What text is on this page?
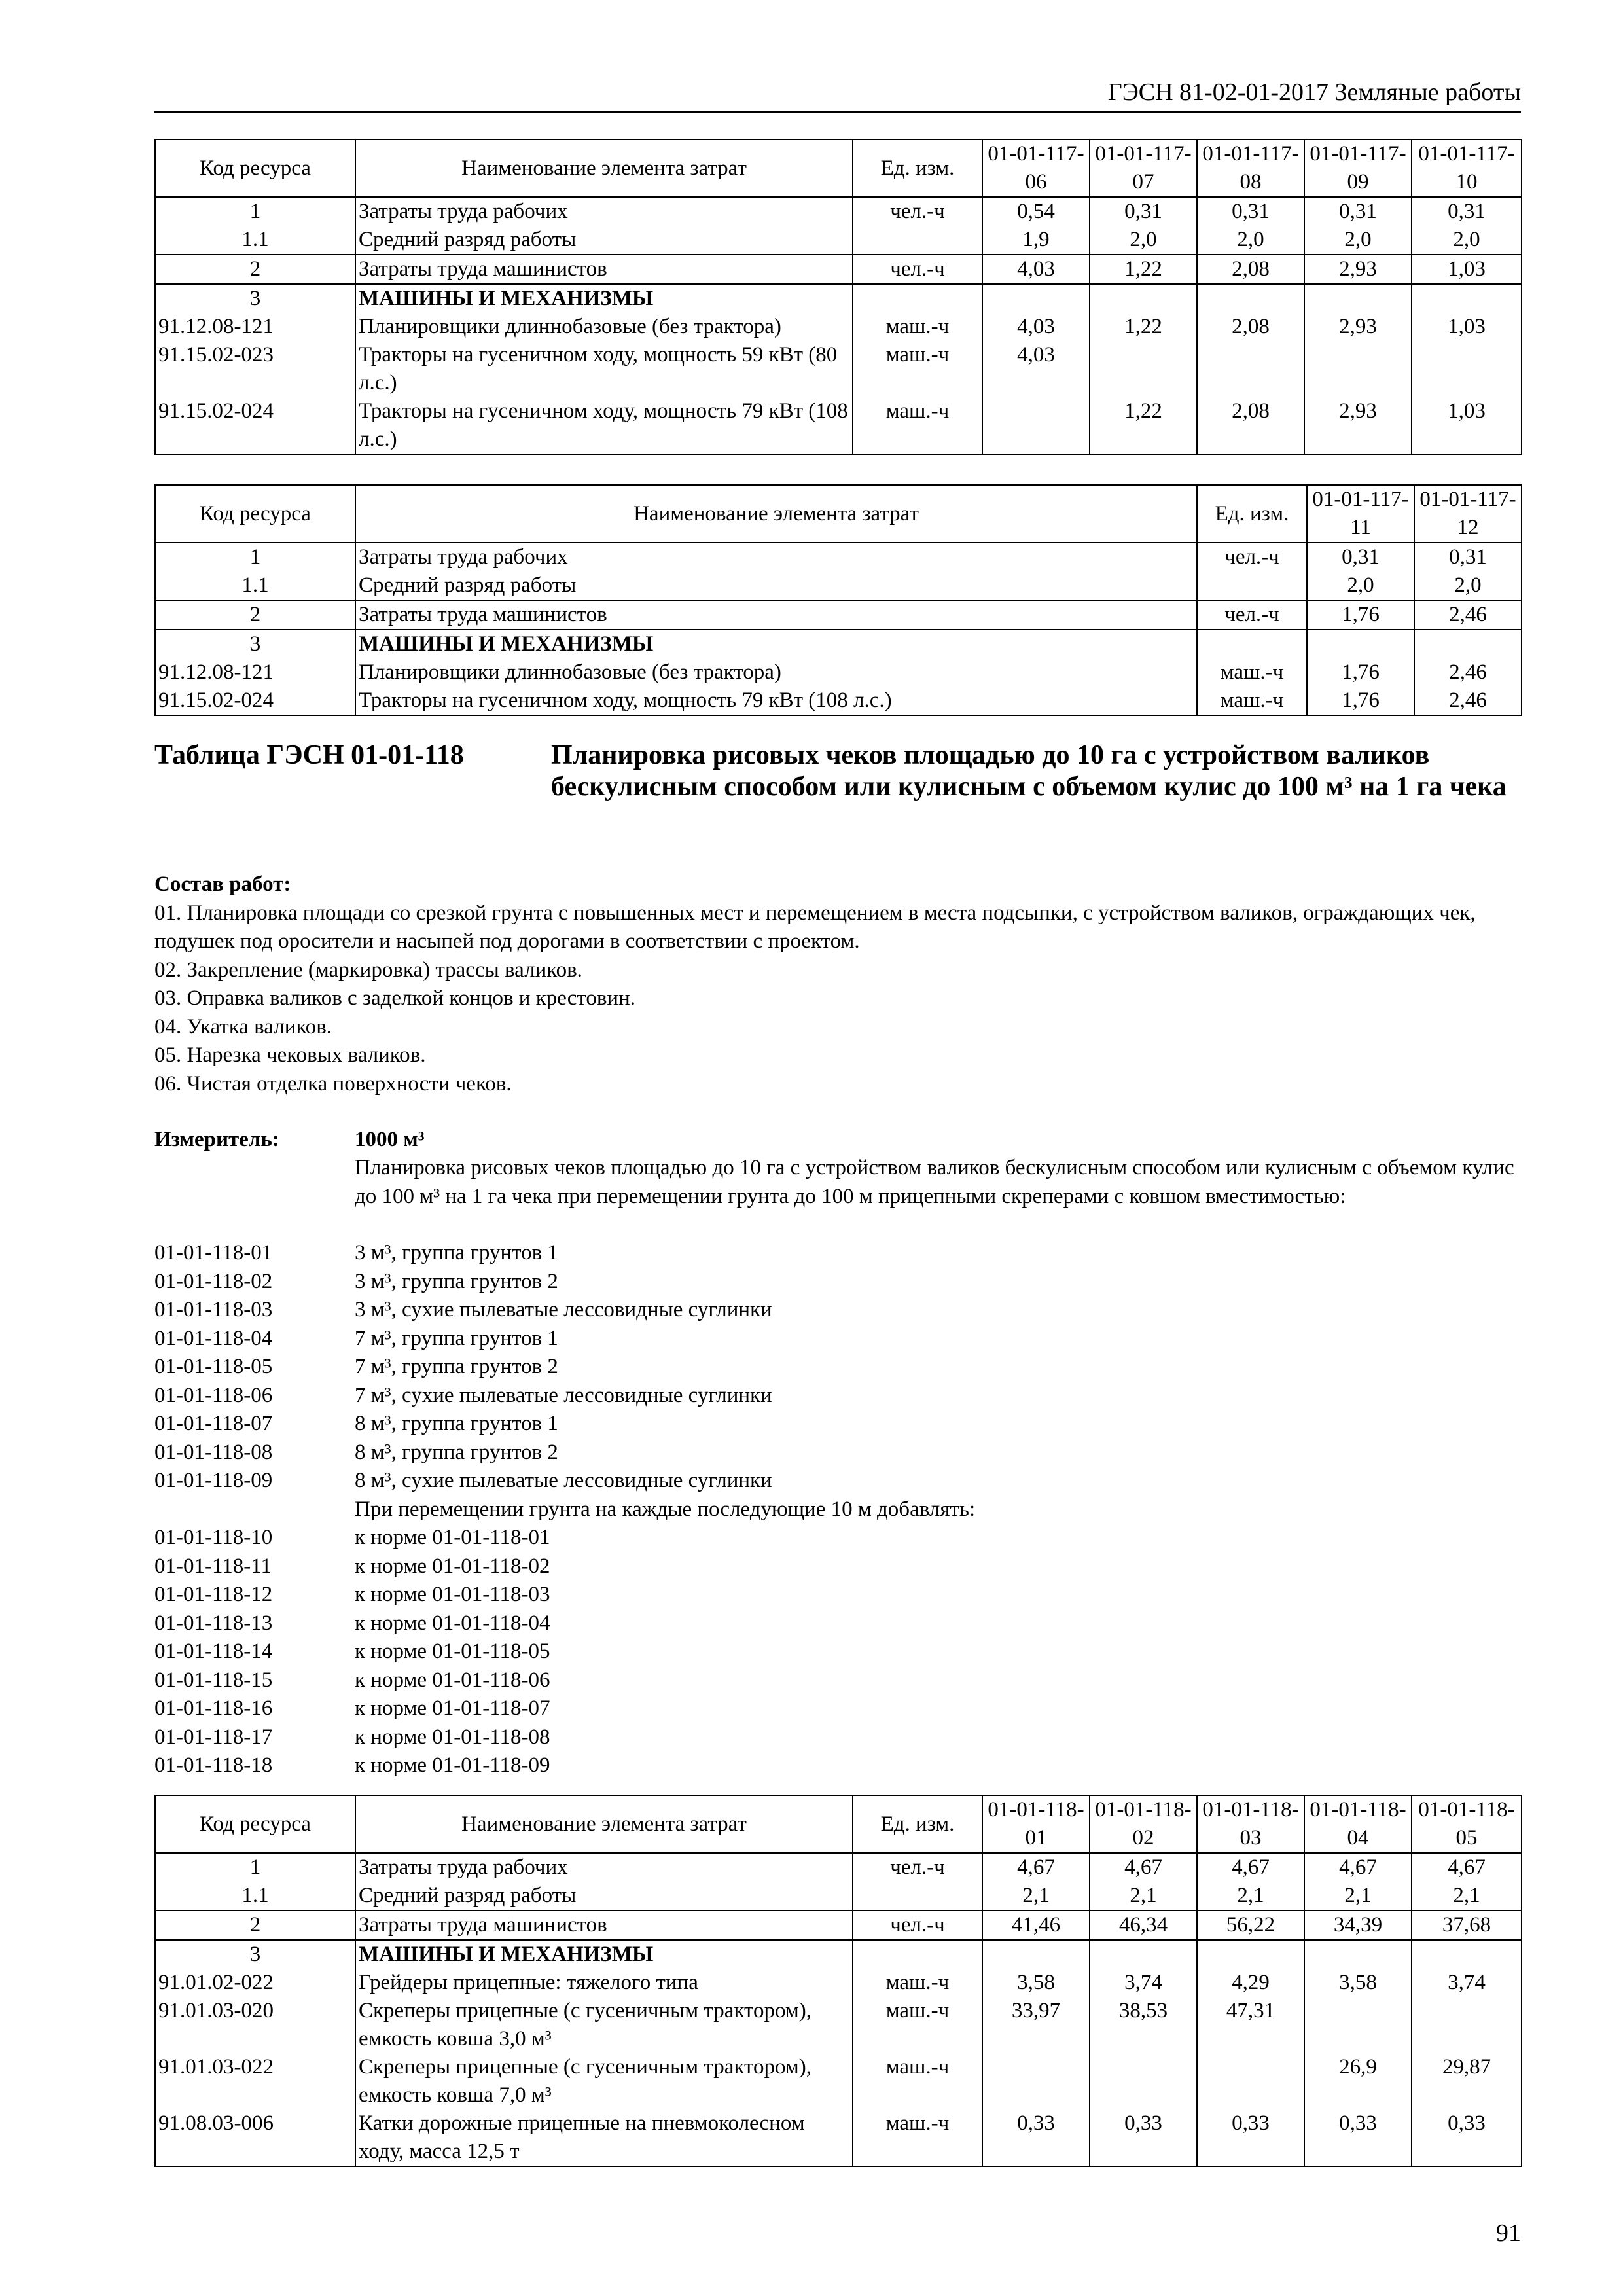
ГЭСН 81-02-01-2017 Земляные работы
Код ресурса	Наименование элемента затрат	Ед. изм.	01-01-117-06	01-01-117-07	01-01-117-08	01-01-117-09	01-01-117-10
1	Затраты труда рабочих	чел.-ч	0,54	0,31	0,31	0,31	0,31
1.1	Средний разряд работы		1,9	2,0	2,0	2,0	2,0
2	Затраты труда машинистов	чел.-ч	4,03	1,22	2,08	2,93	1,03
3	МАШИНЫ И МЕХАНИЗМЫ						
91.12.08-121	Планировщики длиннобазовые (без трактора)	маш.-ч	4,03	1,22	2,08	2,93	1,03
91.15.02-023	Тракторы на гусеничном ходу, мощность 59 кВт (80 л.с.)	маш.-ч	4,03				
91.15.02-024	Тракторы на гусеничном ходу, мощность 79 кВт (108 л.с.)	маш.-ч		1,22	2,08	2,93	1,03
Код ресурса	Наименование элемента затрат	Ед. изм.	01-01-117-11	01-01-117-12
1	Затраты труда рабочих	чел.-ч	0,31	0,31
1.1	Средний разряд работы		2,0	2,0
2	Затраты труда машинистов	чел.-ч	1,76	2,46
3	МАШИНЫ И МЕХАНИЗМЫ			
91.12.08-121	Планировщики длиннобазовые (без трактора)	маш.-ч	1,76	2,46
91.15.02-024	Тракторы на гусеничном ходу, мощность 79 кВт (108 л.с.)	маш.-ч	1,76	2,46
Таблица ГЭСН 01-01-118	Планировка рисовых чеков площадью до 10 га с устройством валиков бескулисным способом или кулисным с объемом кулис до 100 м³ на 1 га чека
Состав работ:
01. Планировка площади со срезкой грунта с повышенных мест и перемещением в места подсыпки, с устройством валиков, ограждающих чек, подушек под оросители и насыпей под дорогами в соответствии с проектом.
02. Закрепление (маркировка) трассы валиков.
03. Оправка валиков с заделкой концов и крестовин.
04. Укатка валиков.
05. Нарезка чековых валиков.
06. Чистая отделка поверхности чеков.
Измеритель:	1000 м³
Планировка рисовых чеков площадью до 10 га с устройством валиков бескулисным способом или кулисным с объемом кулис до 100 м³ на 1 га чека при перемещении грунта до 100 м прицепными скреперами с ковшом вместимостью:
01-01-118-01	3 м³, группа грунтов 1
01-01-118-02	3 м³, группа грунтов 2
01-01-118-03	3 м³, сухие пылеватые лессовидные суглинки
01-01-118-04	7 м³, группа грунтов 1
01-01-118-05	7 м³, группа грунтов 2
01-01-118-06	7 м³, сухие пылеватые лессовидные суглинки
01-01-118-07	8 м³, группа грунтов 1
01-01-118-08	8 м³, группа грунтов 2
01-01-118-09	8 м³, сухие пылеватые лессовидные суглинки
При перемещении грунта на каждые последующие 10 м добавлять:
01-01-118-10	к норме 01-01-118-01
01-01-118-11	к норме 01-01-118-02
01-01-118-12	к норме 01-01-118-03
01-01-118-13	к норме 01-01-118-04
01-01-118-14	к норме 01-01-118-05
01-01-118-15	к норме 01-01-118-06
01-01-118-16	к норме 01-01-118-07
01-01-118-17	к норме 01-01-118-08
01-01-118-18	к норме 01-01-118-09
Код ресурса	Наименование элемента затрат	Ед. изм.	01-01-118-01	01-01-118-02	01-01-118-03	01-01-118-04	01-01-118-05
1	Затраты труда рабочих	чел.-ч	4,67	4,67	4,67	4,67	4,67
1.1	Средний разряд работы		2,1	2,1	2,1	2,1	2,1
2	Затраты труда машинистов	чел.-ч	41,46	46,34	56,22	34,39	37,68
3	МАШИНЫ И МЕХАНИЗМЫ						
91.01.02-022	Грейдеры прицепные: тяжелого типа	маш.-ч	3,58	3,74	4,29	3,58	3,74
91.01.03-020	Скреперы прицепные (с гусеничным трактором), емкость ковша 3,0 м³	маш.-ч	33,97	38,53	47,31		
91.01.03-022	Скреперы прицепные (с гусеничным трактором), емкость ковша 7,0 м³	маш.-ч				26,9	29,87
91.08.03-006	Катки дорожные прицепные на пневмоколесном ходу, масса 12,5 т	маш.-ч	0,33	0,33	0,33	0,33	0,33
91
